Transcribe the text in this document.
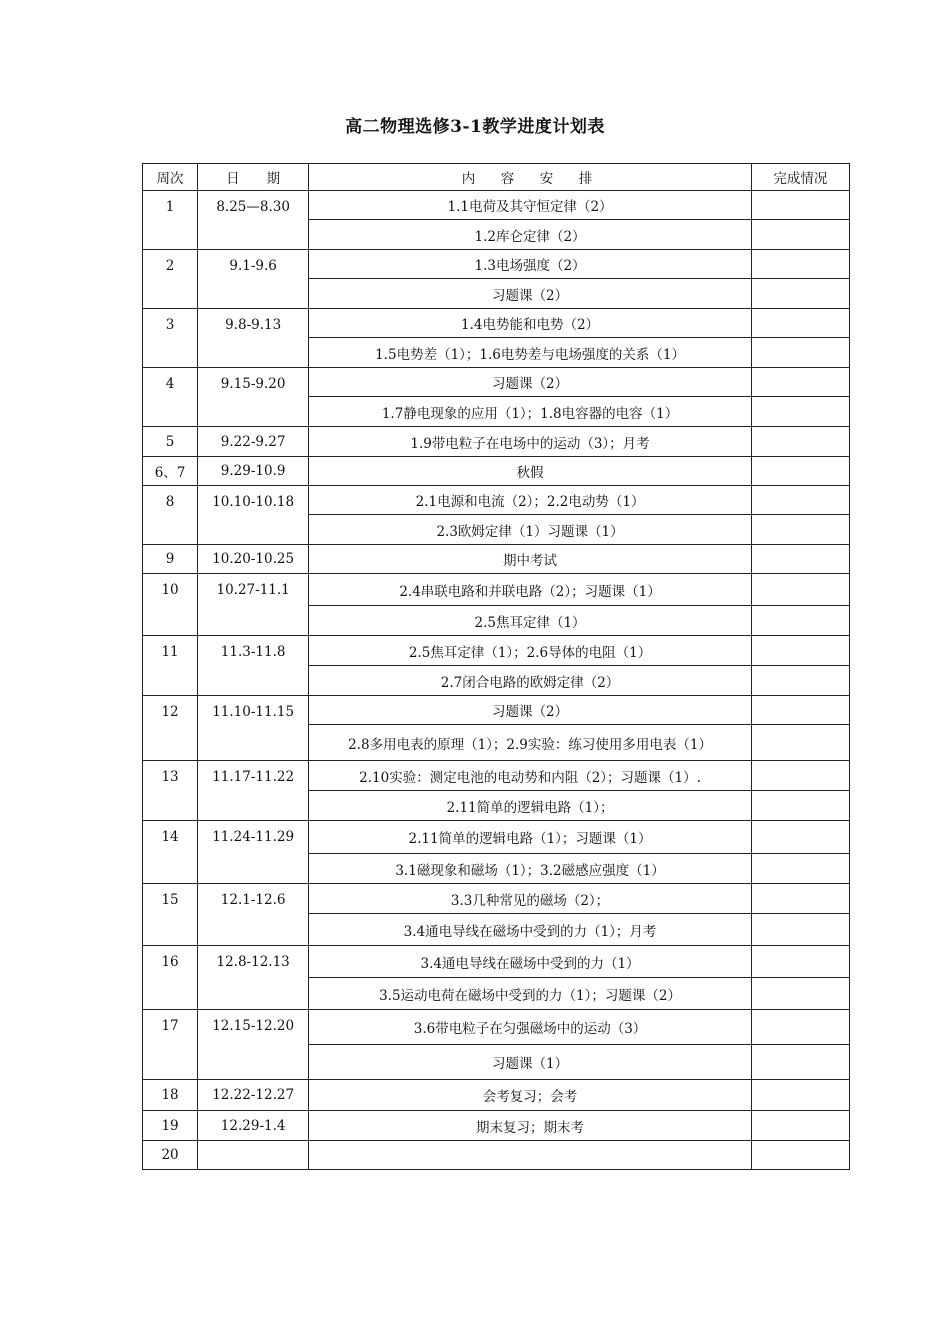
高二物理选修3-1教学进度计划表
周次	日　　期	内　容　安　排	完成情况
1	8.25—8.30	1.1电荷及其守恒定律（2）	
		1.2库仑定律（2）	
2	9.1-9.6	1.3电场强度（2）	
		习题课（2）	
3	9.8-9.13	1.4电势能和电势（2）	
		1.5电势差（1）；1.6电势差与电场强度的关系（1）	
4	9.15-9.20	习题课（2）	
		1.7静电现象的应用（1）；1.8电容器的电容（1）	
5	9.22-9.27	1.9带电粒子在电场中的运动（3）；月考	
6、7	9.29-10.9	秋假	
8	10.10-10.18	2.1电源和电流（2）；2.2电动势（1）	
		2.3欧姆定律（1）习题课（1）	
9	10.20-10.25	期中考试	
10	10.27-11.1	2.4串联电路和并联电路（2）；习题课（1）	
		2.5焦耳定律（1）	
11	11.3-11.8	2.5焦耳定律（1）；2.6导体的电阻（1）	
		2.7闭合电路的欧姆定律（2）	
12	11.10-11.15	习题课（2）	
		2.8多用电表的原理（1）；2.9实验：练习使用多用电表（1）	
13	11.17-11.22	2.10实验：测定电池的电动势和内阻（2）；习题课（1）.	
		2.11简单的逻辑电路（1）；	
14	11.24-11.29	2.11简单的逻辑电路（1）；习题课（1）	
		3.1磁现象和磁场（1）；3.2磁感应强度（1）	
15	12.1-12.6	3.3几种常见的磁场（2）；	
		3.4通电导线在磁场中受到的力（1）；月考	
16	12.8-12.13	3.4通电导线在磁场中受到的力（1）	
		3.5运动电荷在磁场中受到的力（1）；习题课（2）	
17	12.15-12.20	3.6带电粒子在匀强磁场中的运动（3）	
		习题课（1）	
18	12.22-12.27	会考复习；会考	
19	12.29-1.4	期末复习；期末考	
20			
